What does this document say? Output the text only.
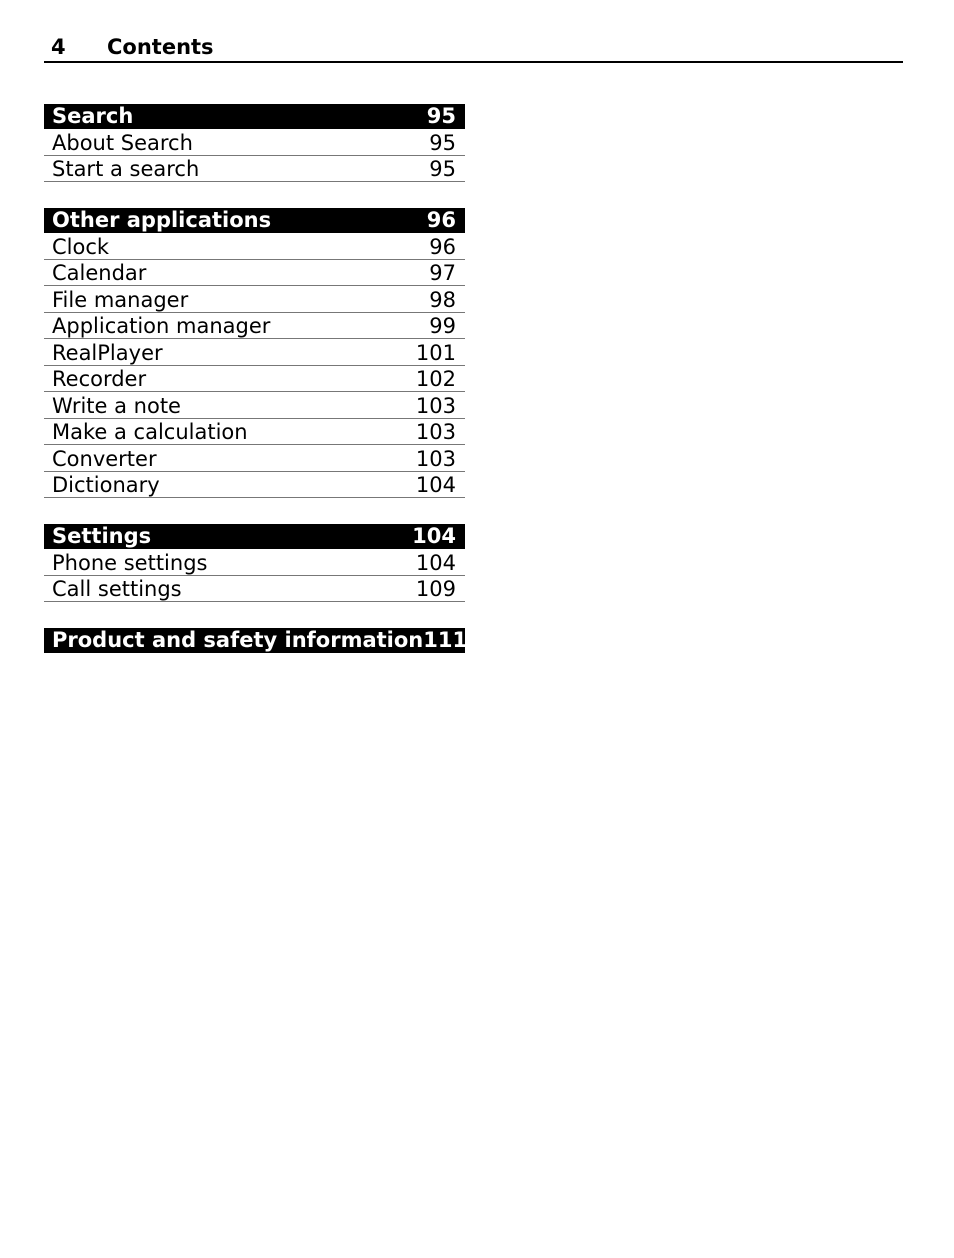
4 Contents
Search	95
About Search	95
Start a search	95
Other applications	96
Clock	96
Calendar	97
File manager	98
Application manager	99
RealPlayer	101
Recorder	102
Write a note	103
Make a calculation	103
Converter	103
Dictionary	104
Settings	104
Phone settings	104
Call settings	109
Product and safety information 111
